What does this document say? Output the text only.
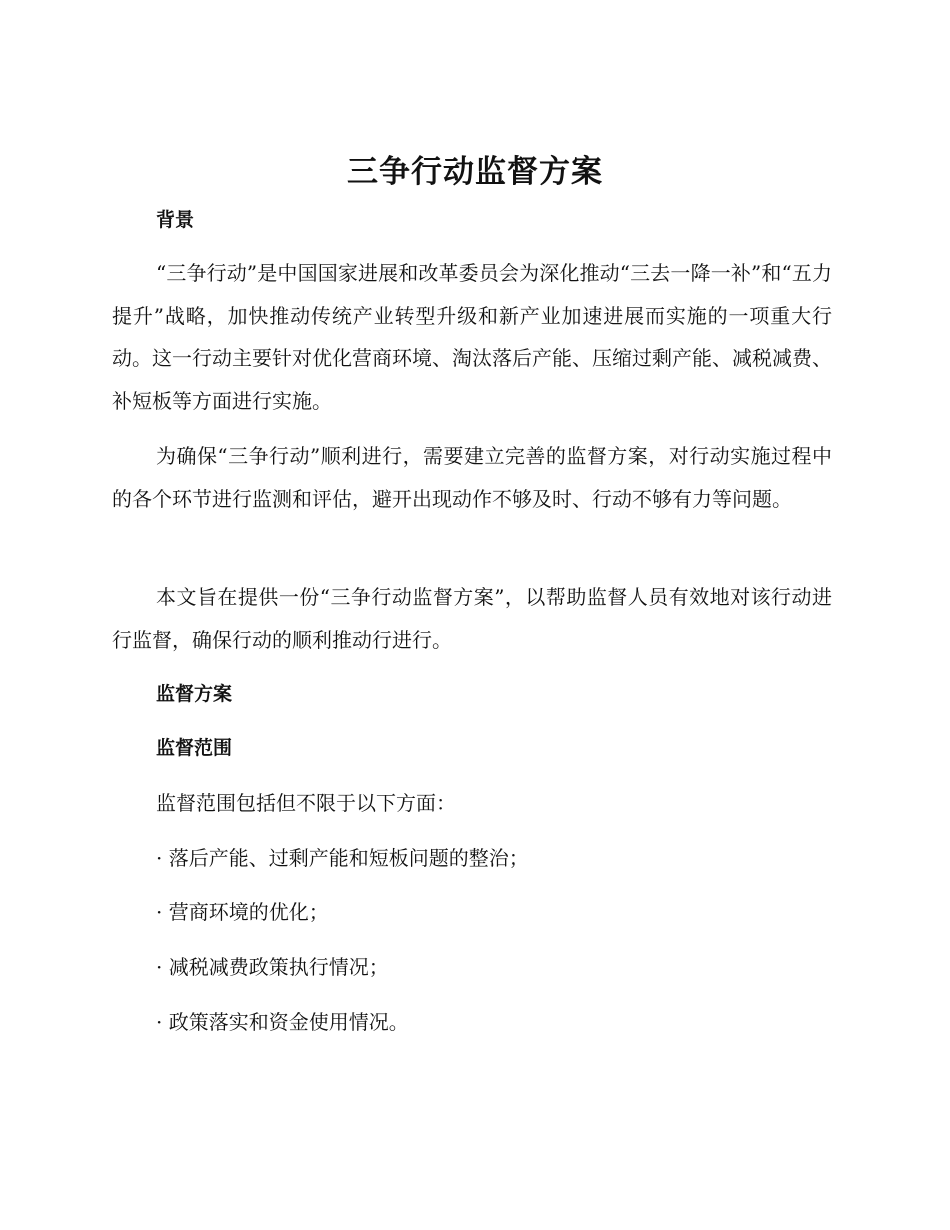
三争行动监督方案
背景

“三争行动”是中国国家进展和改革委员会为深化推动“三去一降一补”和“五力提升”战略，加快推动传统产业转型升级和新产业加速进展而实施的一项重大行动。这一行动主要针对优化营商环境、淘汰落后产能、压缩过剩产能、减税减费、补短板等方面进行实施。

为确保“三争行动”顺利进行，需要建立完善的监督方案，对行动实施过程中的各个环节进行监测和评估，避开出现动作不够及时、行动不够有力等问题。

本文旨在提供一份“三争行动监督方案”，以帮助监督人员有效地对该行动进行监督，确保行动的顺利推动行进行。

监督方案
监督范围
监督范围包括但不限于以下方面：
· 落后产能、过剩产能和短板问题的整治；
· 营商环境的优化；
· 减税减费政策执行情况；
· 政策落实和资金使用情况。
